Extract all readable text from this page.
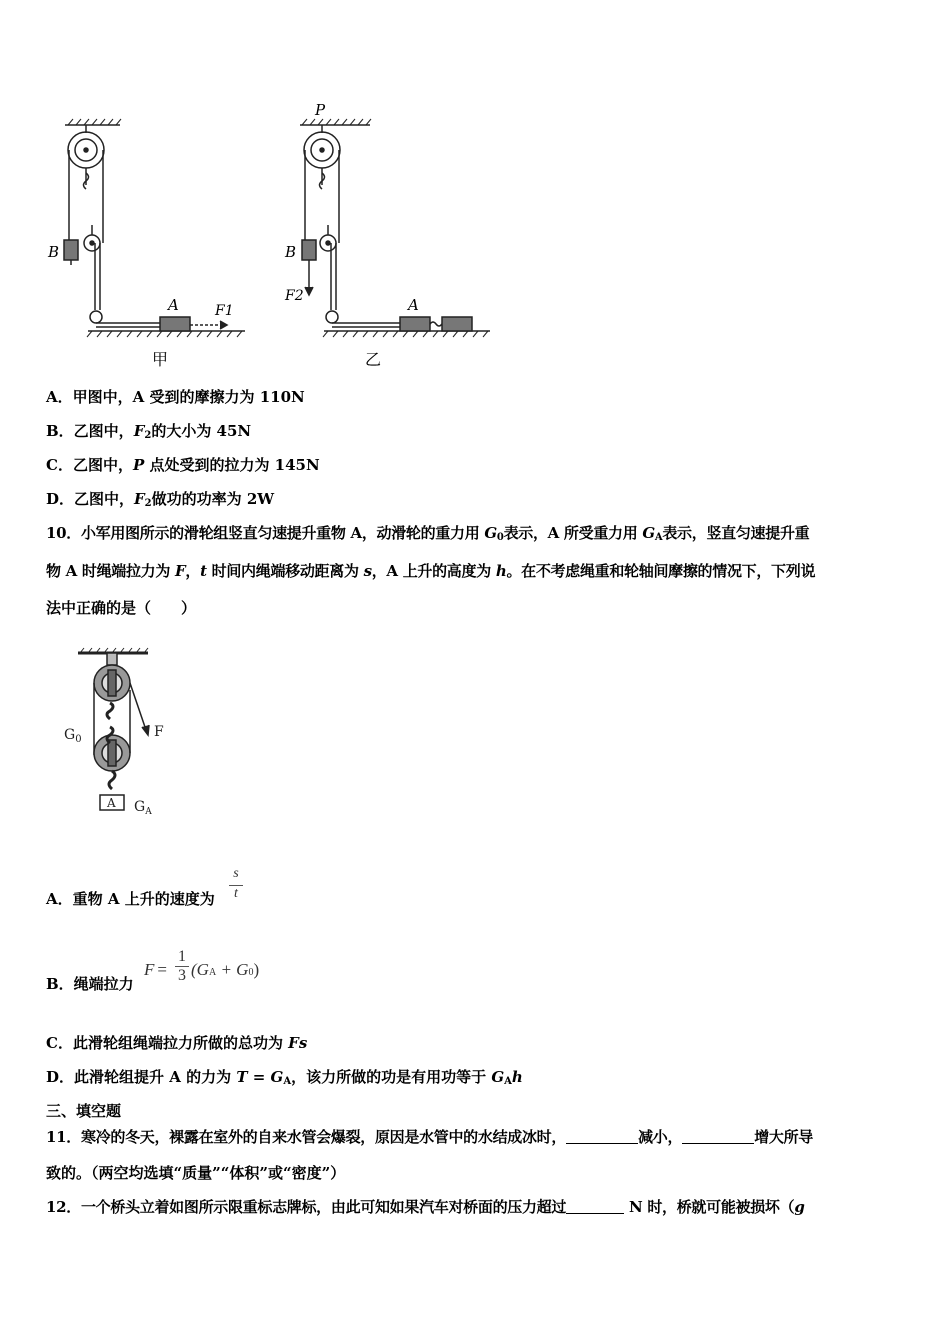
B
A	F1
甲
P
B
F2	A
乙
A．甲图中，A 受到的摩擦力为 110N
B．乙图中，$F_2$的大小为 45N
C．乙图中，P 点处受到的拉力为 145N
D．乙图中，$F_2$做功的功率为 2W
10．小军用图所示的滑轮组竖直匀速提升重物 A，动滑轮的重力用 $G_0$表示，A 所受重力用 $G_A$表示，竖直匀速提升重
物 A 时绳端拉力为 F，t 时间内绳端移动距离为 s，A 上升的高度为 h。在不考虑绳重和轮轴间摩擦的情况下，下列说
法中正确的是（　　）
$G_0$	F
A $G_A$
A．重物 A 上升的速度为
s
t
B．绳端拉力
F =
1
3 (GA + G0)
C．此滑轮组绳端拉力所做的总功为 Fs
D．此滑轮组提升 A 的力为 $T = G_A$，该力所做的功是有用功等于 $G_Ah$
三、填空题
11．寒冷的冬天，裸露在室外的自来水管会爆裂，原因是水管中的水结成冰时，	减小，	增大所导
致的。（两空均选填“质量”“体积”或“密度”）
12．一个桥头立着如图所示限重标志牌标，由此可知如果汽车对桥面的压力超过	N 时，桥就可能被损坏（g
